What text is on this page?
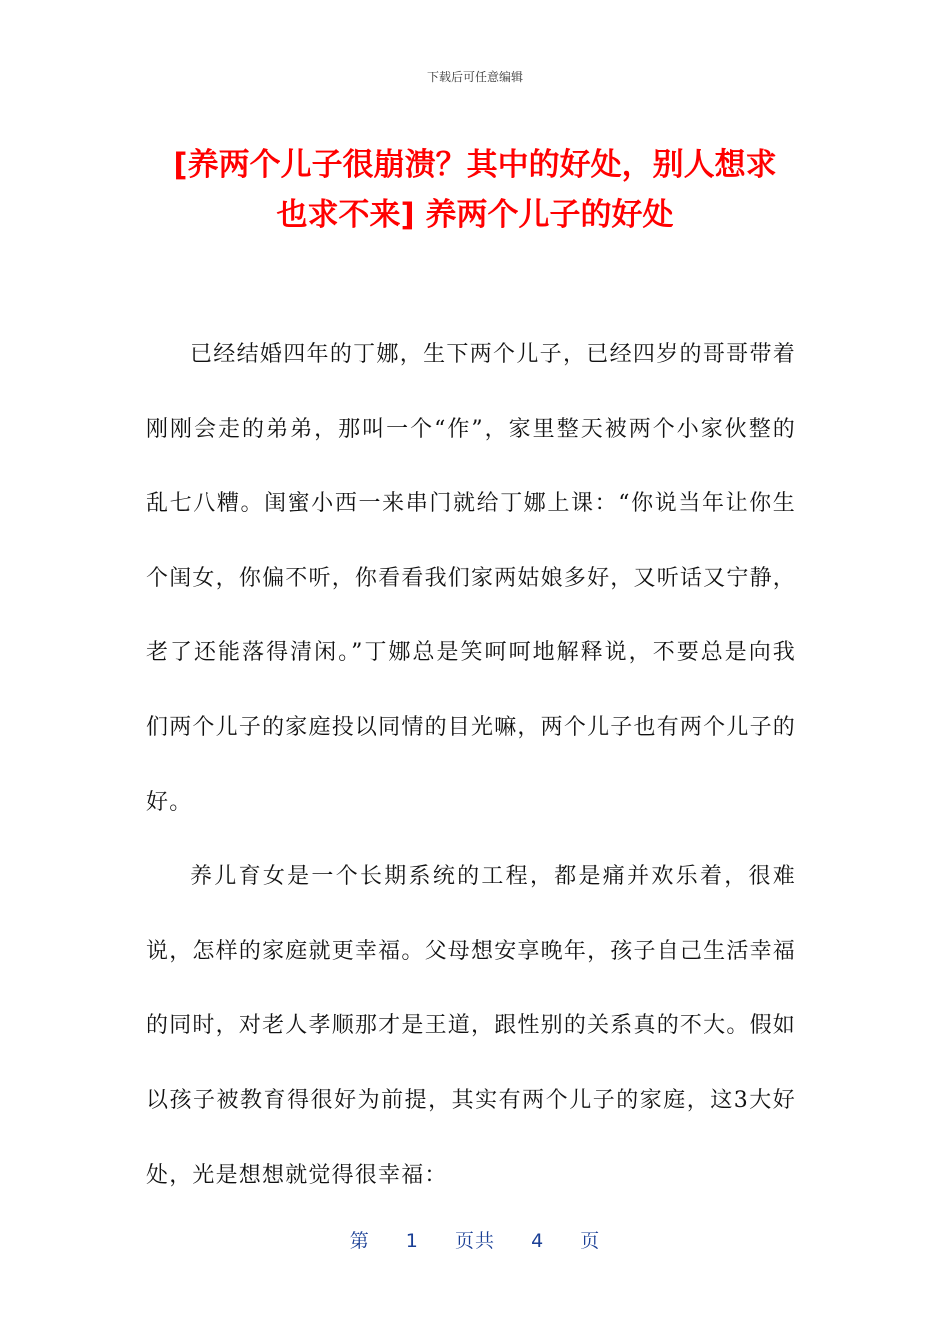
下载后可任意编辑
[养两个儿子很崩溃？其中的好处，别人想求
也求不来] 养两个儿子的好处

已经结婚四年的丁娜，生下两个儿子，已经四岁的哥哥带着刚刚会走的弟弟，那叫一个“作”，家里整天被两个小家伙整的乱七八糟。闺蜜小西一来串门就给丁娜上课：“你说当年让你生个闺女，你偏不听，你看看我们家两姑娘多好，又听话又宁静，老了还能落得清闲。”丁娜总是笑呵呵地解释说，不要总是向我们两个儿子的家庭投以同情的目光嘛，两个儿子也有两个儿子的好。

养儿育女是一个长期系统的工程，都是痛并欢乐着，很难说，怎样的家庭就更幸福。父母想安享晚年，孩子自己生活幸福的同时，对老人孝顺那才是王道，跟性别的关系真的不大。假如以孩子被教育得很好为前提，其实有两个儿子的家庭，这3大好处，光是想想就觉得很幸福：

第 1 页共 4 页
